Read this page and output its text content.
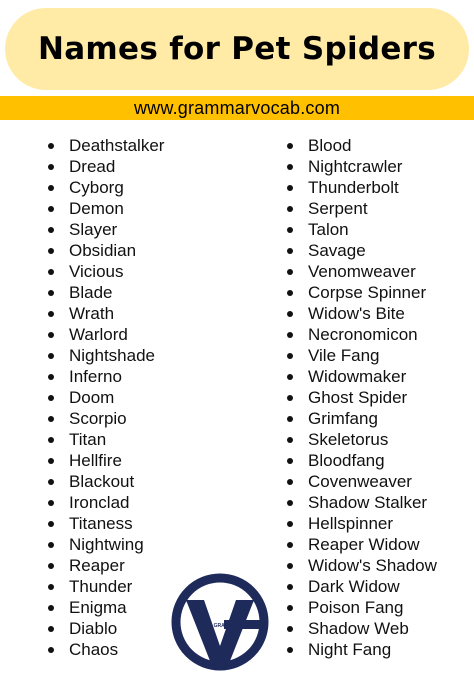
Names for Pet Spiders
www.grammarvocab.com
Deathstalker
Dread
Cyborg
Demon
Slayer
Obsidian
Vicious
Blade
Wrath
Warlord
Nightshade
Inferno
Doom
Scorpio
Titan
Hellfire
Blackout
Ironclad
Titaness
Nightwing
Reaper
Thunder
Enigma
Diablo
Chaos
Blood
Nightcrawler
Thunderbolt
Serpent
Talon
Savage
Venomweaver
Corpse Spinner
Widow's Bite
Necronomicon
Vile Fang
Widowmaker
Ghost Spider
Grimfang
Skeletorus
Bloodfang
Covenweaver
Shadow Stalker
Hellspinner
Reaper Widow
Widow's Shadow
Dark Widow
Poison Fang
Shadow Web
Night Fang
GRAMMARVOCAB
